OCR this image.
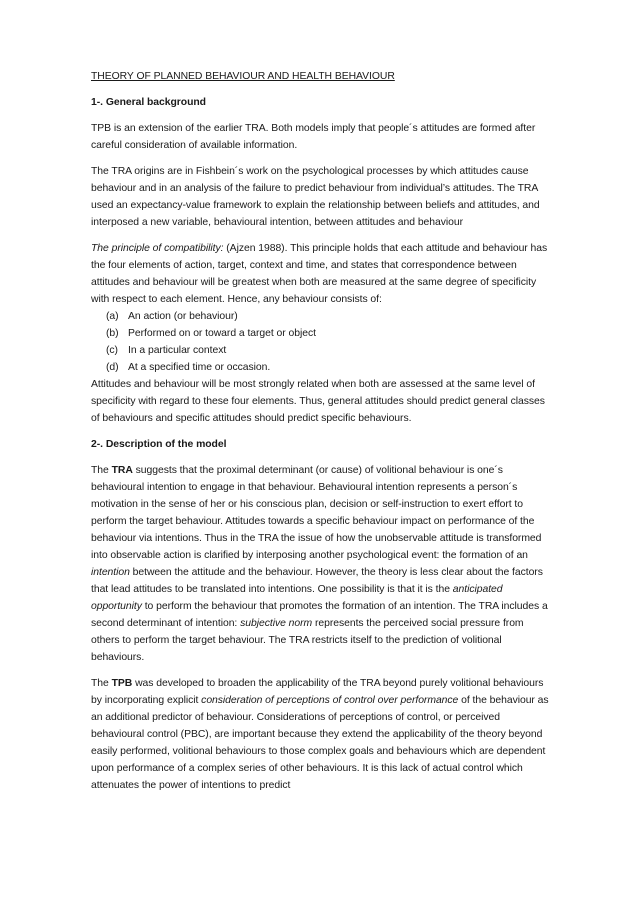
THEORY OF PLANNED BEHAVIOUR AND HEALTH BEHAVIOUR
1-. General background

TPB is an extension of the earlier TRA. Both models imply that people´s attitudes are formed after careful consideration of available information.

The TRA origins are in Fishbein´s work on the psychological processes by which attitudes cause behaviour and in an analysis of the failure to predict behaviour from individual’s attitudes. The TRA used an expectancy-value framework to explain the relationship between beliefs and attitudes, and interposed a new variable, behavioural intention, between attitudes and behaviour

The principle of compatibility: (Ajzen 1988). This principle holds that each attitude and behaviour has the four elements of action, target, context and time, and states that correspondence between attitudes and behaviour will be greatest when both are measured at the same degree of specificity with respect to each element. Hence, any behaviour consists of:

(a) An action (or behaviour)
(b) Performed on or toward a target or object
(c) In a particular context
(d) At a specified time or occasion.

Attitudes and behaviour will be most strongly related when both are assessed at the same level of specificity with regard to these four elements. Thus, general attitudes should predict general classes of behaviours and specific attitudes should predict specific behaviours.

2-. Description of the model

The TRA suggests that the proximal determinant (or cause) of volitional behaviour is one´s behavioural intention to engage in that behaviour. Behavioural intention represents a person´s motivation in the sense of her or his conscious plan, decision or self-instruction to exert effort to perform the target behaviour. Attitudes towards a specific behaviour impact on performance of the behaviour via intentions. Thus in the TRA the issue of how the unobservable attitude is transformed into observable action is clarified by interposing another psychological event: the formation of an intention between the attitude and the behaviour. However, the theory is less clear about the factors that lead attitudes to be translated into intentions. One possibility is that it is the anticipated opportunity to perform the behaviour that promotes the formation of an intention. The TRA includes a second determinant of intention: subjective norm represents the perceived social pressure from others to perform the target behaviour. The TRA restricts itself to the prediction of volitional behaviours.

The TPB was developed to broaden the applicability of the TRA beyond purely volitional behaviours by incorporating explicit consideration of perceptions of control over performance of the behaviour as an additional predictor of behaviour. Considerations of perceptions of control, or perceived behavioural control (PBC), are important because they extend the applicability of the theory beyond easily performed, volitional behaviours to those complex goals and behaviours which are dependent upon performance of a complex series of other behaviours. It is this lack of actual control which attenuates the power of intentions to predict
